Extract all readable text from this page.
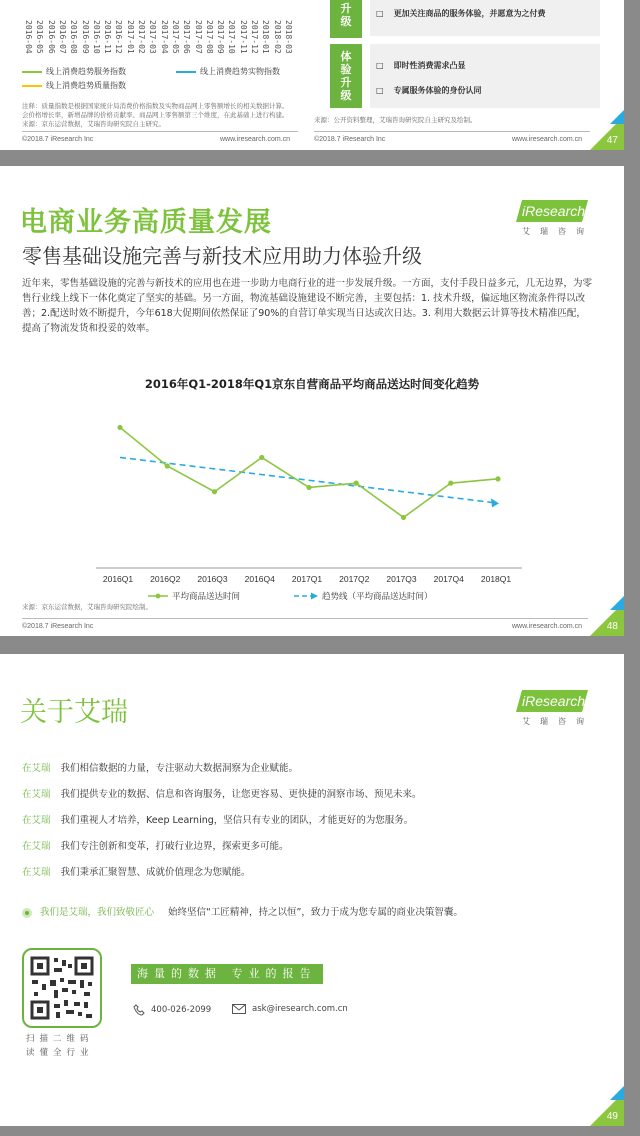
2016-04 2016-05 2016-06 2016-07 2016-08 2016-09 2016-10 2016-11 2016-12 2017-01 2017-02 2017-03 2017-04 2017-05 2017-06 2017-07 2017-08 2017-09 2017-10 2017-11 2017-12 2018-01 2018-02 2018-03
线上消费趋势服务指数	线上消费趋势实物指数
线上消费趋势质量指数
注释：质量指数是根据国家统计局消费价格指数及实物商品网上零售额增长的相关数据计算。
会价格增长率，新增品牌的价格贡献率、商品网上零售额第三个维度，在此基础上进行构建。
来源：京东运营数据，艾瑞咨询研究院自主研究。
©2018.7 iResearch Inc	www.iresearch.com.cn
升
级
□ 更加关注商品的服务体验，并愿意为之付费
体
验
升
级
□ 即时性消费需求凸显
□ 专属服务体验的身份认同
来源：公开资料整理，艾瑞咨询研究院自主研究及绘制。
©2018.7 iResearch Inc	www.iresearch.com.cn 47
电商业务高质量发展
零售基础设施完善与新技术应用助力体验升级
iResearch
艾瑞咨询
近年来，零售基础设施的完善与新技术的应用也在进一步助力电商行业的进一步发展升级。一方面，支付手段日益多元，几无边界，为零售行业线上线下一体化奠定了坚实的基础。另一方面，物流基础设施建设不断完善，主要包括：1. 技术升级，偏远地区物流条件得以改善；2.配送时效不断提升，今年618大促期间依然保证了90%的自营订单实现当日达或次日达。3. 利用大数据云计算等技术精准匹配，提高了物流发货和投妥的效率。
2016年Q1-2018年Q1京东自营商品平均商品送达时间变化趋势
2016Q1 2016Q2 2016Q3 2016Q4 2017Q1 2017Q2 2017Q3 2017Q4 2018Q1
平均商品送达时间	趋势线（平均商品送达时间）
来源：京东运营数据，艾瑞咨询研究院绘制。
©2018.7 iResearch Inc	www.iresearch.com.cn 48
关于艾瑞	iResearch
艾瑞咨询
在艾瑞 我们相信数据的力量，专注驱动大数据洞察为企业赋能。
在艾瑞 我们提供专业的数据、信息和咨询服务，让您更容易、更快捷的洞察市场、预见未来。
在艾瑞 我们重视人才培养，Keep Learning，坚信只有专业的团队，才能更好的为您服务。
在艾瑞 我们专注创新和变革，打破行业边界，探索更多可能。
在艾瑞 我们秉承汇聚智慧、成就价值理念为您赋能。
我们是艾瑞，我们致敬匠心 始终坚信“工匠精神，持之以恒”，致力于成为您专属的商业决策智囊。
扫描二维码
读懂全行业
海量的数据 专业的报告
400-026-2099	ask@iresearch.com.cn
49
